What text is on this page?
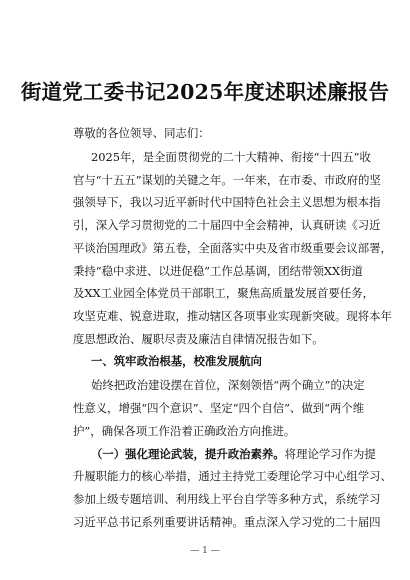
街道党工委书记2025年度述职述廉报告
尊敬的各位领导、同志们：
2025年，是全面贯彻党的二十大精神、衔接“十四五”收
官与“十五五”谋划的关键之年。一年来，在市委、市政府的坚
强领导下，我以习近平新时代中国特色社会主义思想为根本指
引，深入学习贯彻党的二十届四中全会精神，认真研读《习近
平谈治国理政》第五卷，全面落实中央及省市级重要会议部署，
秉持“稳中求进、以进促稳”工作总基调，团结带领XX街道
及XX工业园全体党员干部职工，聚焦高质量发展首要任务，
攻坚克难、锐意进取，推动辖区各项事业实现新突破。现将本年
度思想政治、履职尽责及廉洁自律情况报告如下。
一、筑牢政治根基，校准发展航向
始终把政治建设摆在首位，深刻领悟“两个确立”的决定
性意义，增强“四个意识”、坚定“四个自信”、做到“两个维
护”，确保各项工作沿着正确政治方向推进。
（一）强化理论武装，提升政治素养。将理论学习作为提
升履职能力的核心举措，通过主持党工委理论学习中心组学习、
参加上级专题培训、利用线上平台自学等多种方式，系统学习
习近平总书记系列重要讲话精神。重点深入学习党的二十届四
— 1 —
